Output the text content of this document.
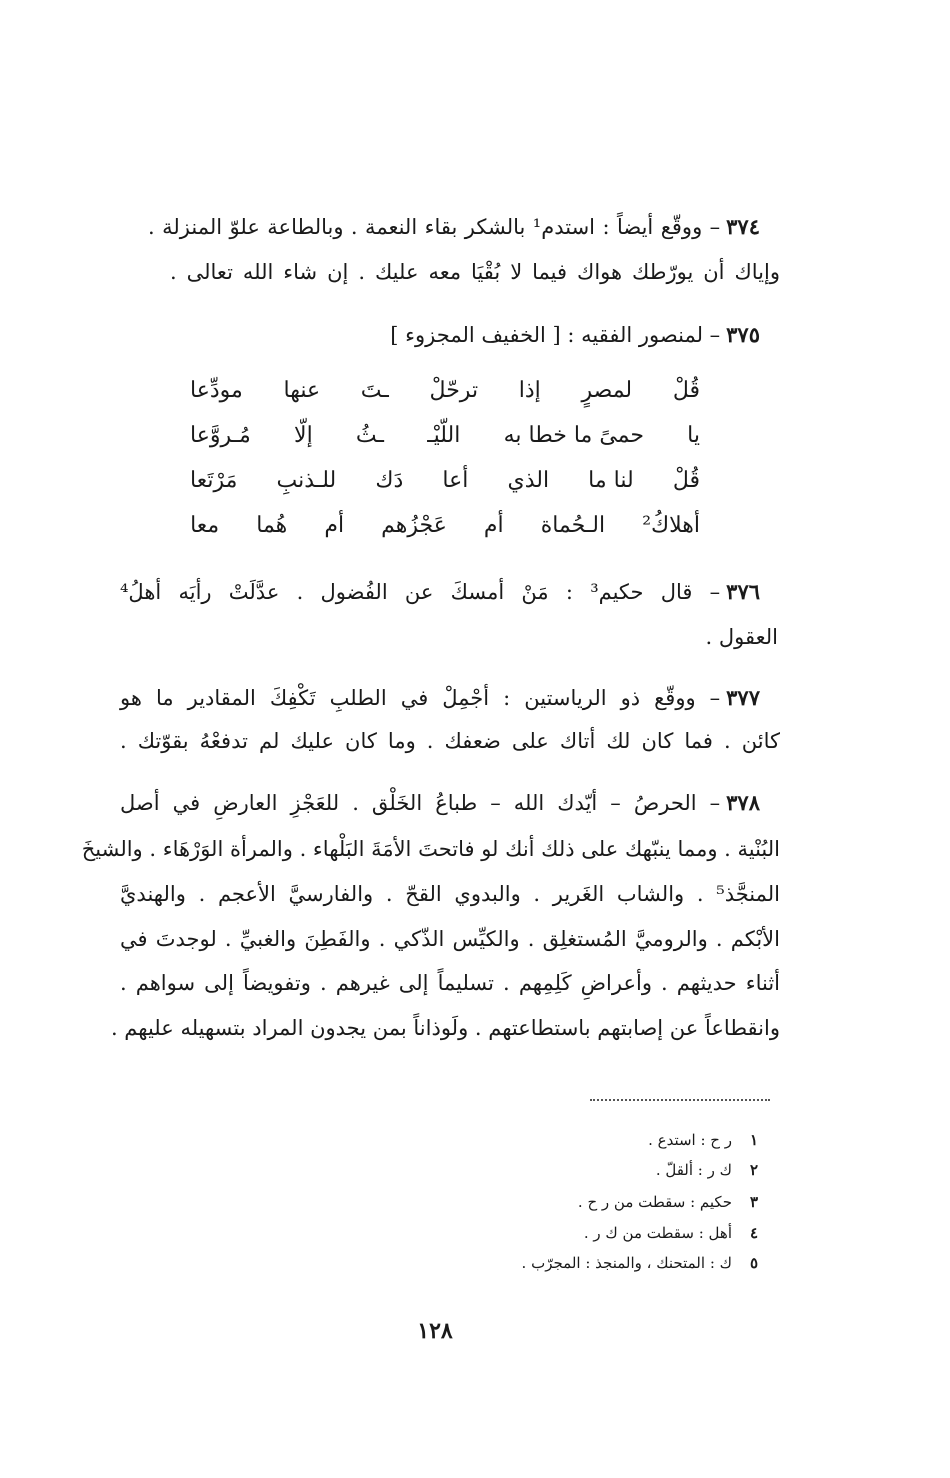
٣٧٤– ووقّع أيضاً : استدم¹ بالشكر بقاء النعمة . وبالطاعة علوّ المنزلة .
وإياك أن يورّطك هواك فيما لا بُقْيَا معه عليك . إن شاء الله تعالى .
٣٧٥– لمنصور الفقيه : [ الخفيف المجزوء ]
قُلْ
لمصرٍ
إذا
ترحّلْ
ـتَ
عنها
مودِّعا
يا
حمىً ما خطا به
اللّيْـ
ـثُ
إلّا
مُـروَّعا
قُلْ
لنا ما
الذي
أعا
دَك
للـذنبِ
مَرْتَعا
أهلاكُ²
الـحُماة
أم
عَجْزُهم
أم
هُما
معا
٣٧٦– قال حكيم³ : مَنْ أمسكَ عن الفُضول . عدَّلَتْ رأيَه أهلُ⁴
العقول .
٣٧٧– ووقّع ذو الرياستين : أجْمِلْ في الطلبِ تَكْفِكَ المقادير ما هو
كائن . فما كان لك أتاك على ضعفك . وما كان عليك لم تدفعْهُ بقوّتك .
٣٧٨– الحرصُ – أيّدك الله – طباعُ الخَلْق . للعَجْزِ العارضِ في أصل
البُنْية . ومما ينبّهك على ذلك أنك لو فاتحتَ الأمَةَ البَلْهاء . والمرأة الوَرْهَاء . والشيخَ
المنجَّذ⁵ . والشاب الغَرير . والبدوي القحّ . والفارسيَّ الأعجم . والهنديَّ
الأبْكم . والروميَّ المُستغلِق . والكيِّس الذّكي . والفَطِنَ والغبيِّ . لوجدتَ في
أثناء حديثهم . وأعراضِ كَلِمِهم . تسليماً إلى غيرهم . وتفويضاً إلى سواهم .
وانقطاعاً عن إصابتهم باستطاعتهم . ولَوذاناً بمن يجدون المراد بتسهيله عليهم .
١ر ح : استدع .
٢ك ر : ألقلّ .
٣حكيم : سقطت من ر ح .
٤أهل : سقطت من ك ر .
٥ك : المتحنك ، والمنجذ : المجرّب .
١٢٨
